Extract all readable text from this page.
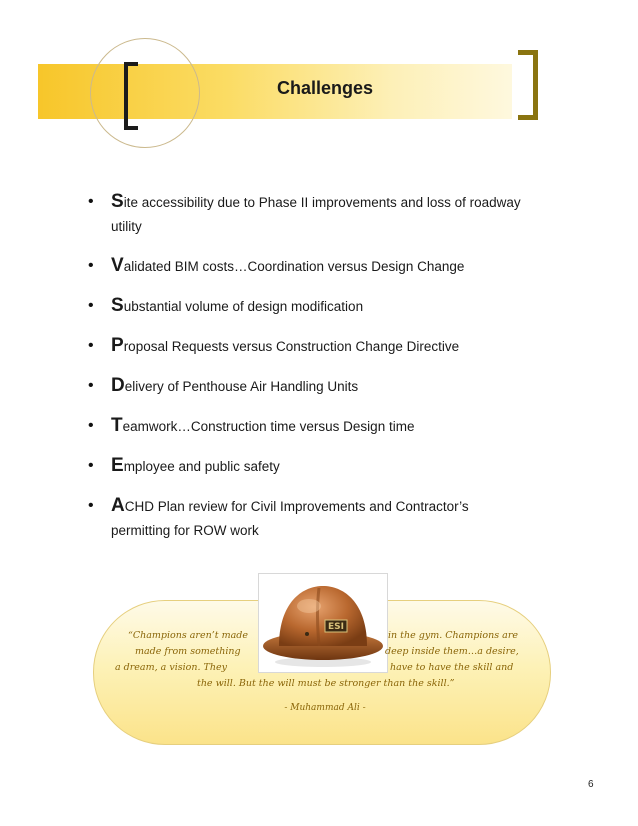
Challenges
• Site accessibility due to Phase II improvements and loss of roadway utility
• Validated BIM costs…Coordination versus Design Change
• Substantial volume of design modification
• Proposal Requests versus Construction Change Directive
• Delivery of Penthouse Air Handling Units
• Teamwork…Construction time versus Design time
• Employee and public safety
• ACHD Plan review for Civil Improvements and Contractor’s permitting for ROW work
ESI
“Champions aren’t made
made from something
a dream, a vision. They
in the gym. Champions are
deep inside them…a desire,
have to have the skill and
the will. But the will must be stronger than the skill.”
- Muhammad Ali -
6
